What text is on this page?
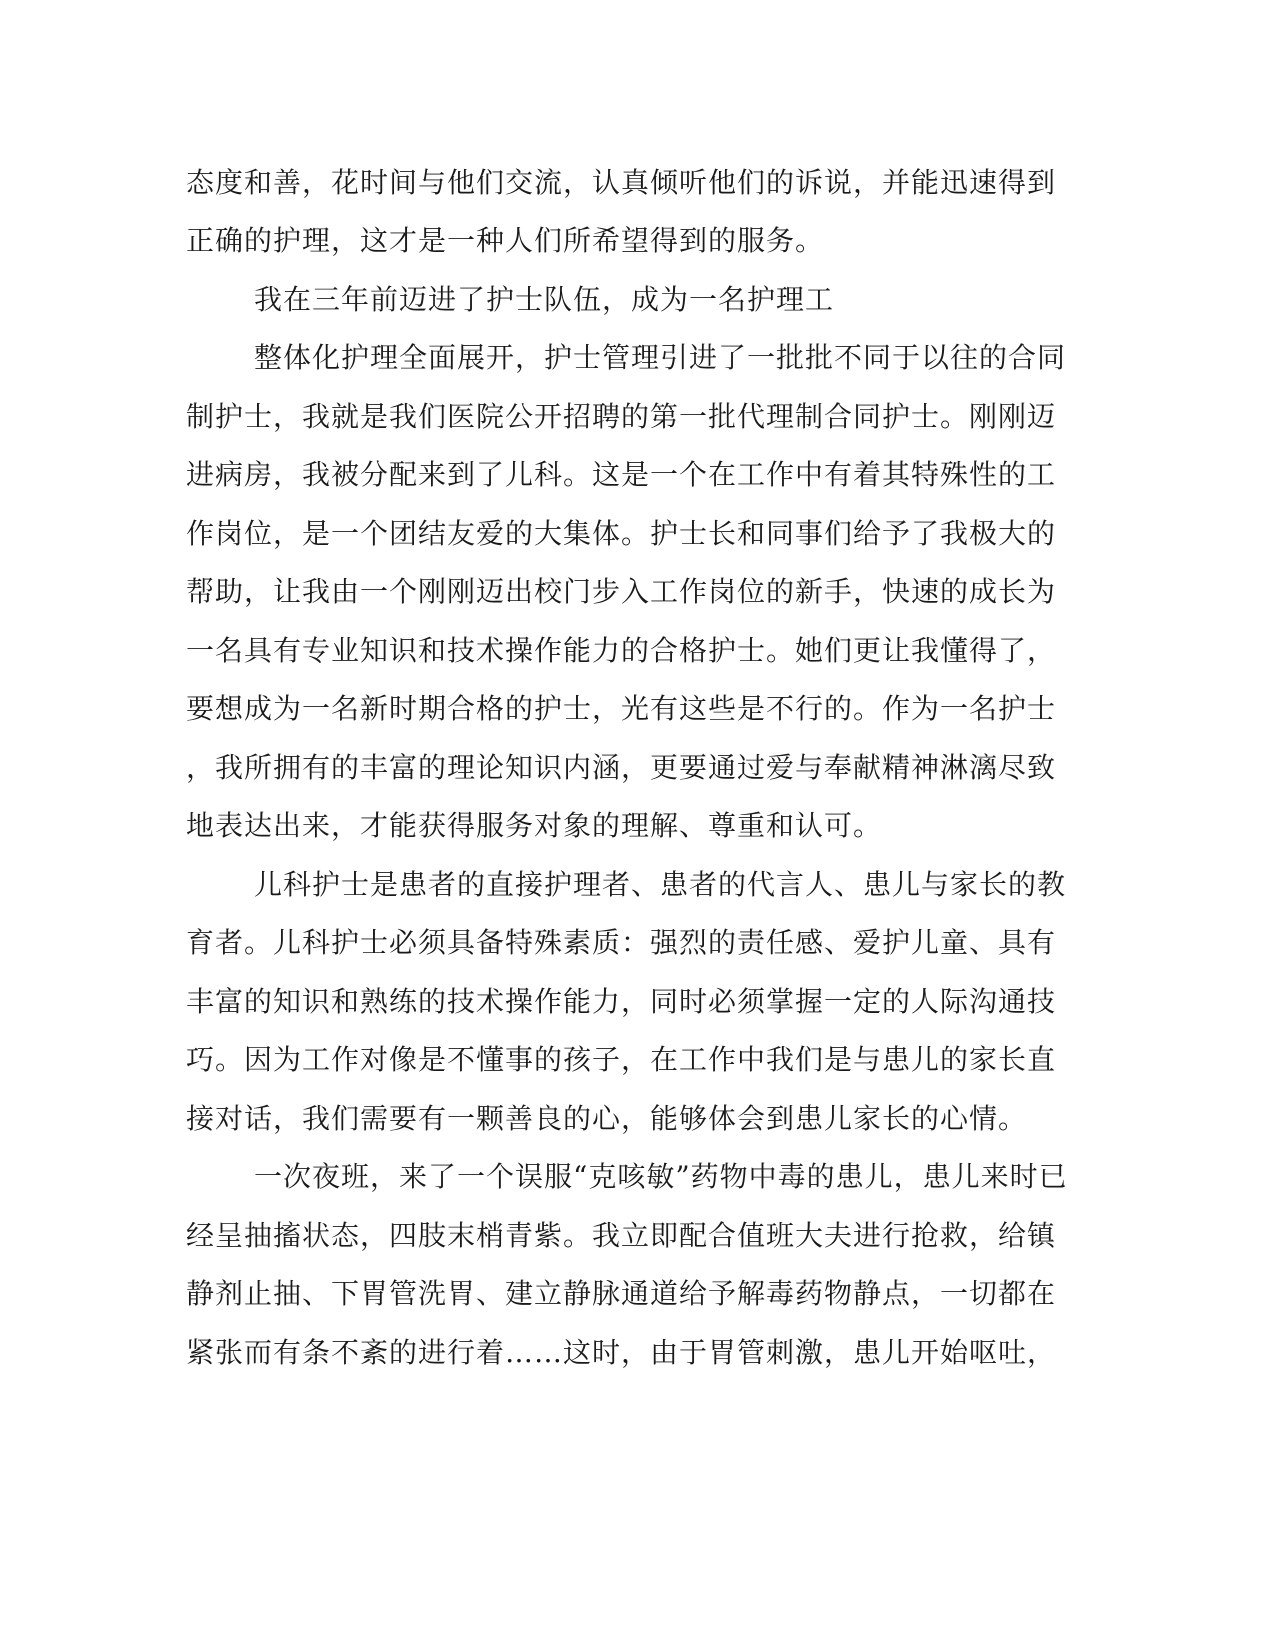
态度和善，花时间与他们交流，认真倾听他们的诉说，并能迅速得到

正确的护理，这才是一种人们所希望得到的服务。

我在三年前迈进了护士队伍，成为一名护理工

整体化护理全面展开，护士管理引进了一批批不同于以往的合同

制护士，我就是我们医院公开招聘的第一批代理制合同护士。刚刚迈

进病房，我被分配来到了儿科。这是一个在工作中有着其特殊性的工

作岗位，是一个团结友爱的大集体。护士长和同事们给予了我极大的

帮助，让我由一个刚刚迈出校门步入工作岗位的新手，快速的成长为

一名具有专业知识和技术操作能力的合格护士。她们更让我懂得了，

要想成为一名新时期合格的护士，光有这些是不行的。作为一名护士

，我所拥有的丰富的理论知识内涵，更要通过爱与奉献精神淋漓尽致

地表达出来，才能获得服务对象的理解、尊重和认可。

儿科护士是患者的直接护理者、患者的代言人、患儿与家长的教

育者。儿科护士必须具备特殊素质：强烈的责任感、爱护儿童、具有

丰富的知识和熟练的技术操作能力，同时必须掌握一定的人际沟通技

巧。因为工作对像是不懂事的孩子，在工作中我们是与患儿的家长直

接对话，我们需要有一颗善良的心，能够体会到患儿家长的心情。

一次夜班，来了一个误服“克咳敏”药物中毒的患儿，患儿来时已

经呈抽搐状态，四肢末梢青紫。我立即配合值班大夫进行抢救，给镇

静剂止抽、下胃管洗胃、建立静脉通道给予解毒药物静点，一切都在

紧张而有条不紊的进行着……这时，由于胃管刺激，患儿开始呕吐，
